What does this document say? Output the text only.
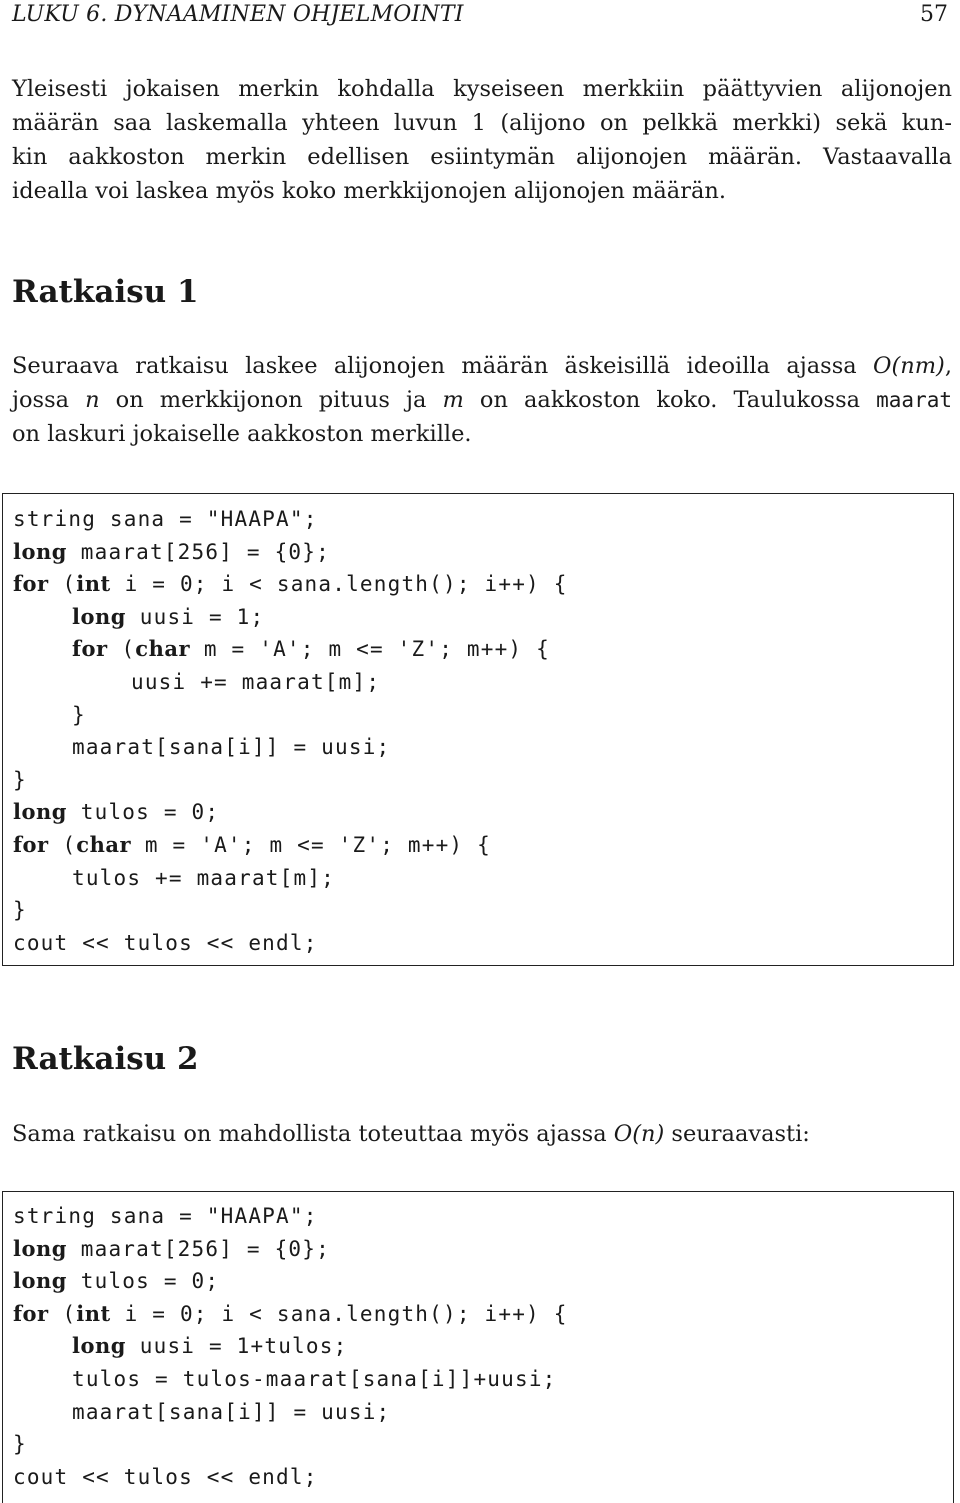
LUKU 6. DYNAAMINEN OHJELMOINTI	57
Yleisesti jokaisen merkin kohdalla kyseiseen merkkiin päättyvien alijonojen
määrän saa laskemalla yhteen luvun 1 (alijono on pelkkä merkki) sekä kun-
kin aakkoston merkin edellisen esiintymän alijonojen määrän. Vastaavalla
idealla voi laskea myös koko merkkijonojen alijonojen määrän.
Ratkaisu 1
Seuraava ratkaisu laskee alijonojen määrän äskeisillä ideoilla ajassa O(nm),
jossa n on merkkijonon pituus ja m on aakkoston koko. Taulukossa maarat
on laskuri jokaiselle aakkoston merkille.
string sana = "HAAPA";
long maarat[256] = {0};
for (int i = 0; i < sana.length(); i++) {
long uusi = 1;
for (char m = 'A'; m <= 'Z'; m++) {
uusi += maarat[m];
}
maarat[sana[i]] = uusi;
}
long tulos = 0;
for (char m = 'A'; m <= 'Z'; m++) {
tulos += maarat[m];
}
cout << tulos << endl;
Ratkaisu 2
Sama ratkaisu on mahdollista toteuttaa myös ajassa O(n) seuraavasti:
string sana = "HAAPA";
long maarat[256] = {0};
long tulos = 0;
for (int i = 0; i < sana.length(); i++) {
long uusi = 1+tulos;
tulos = tulos-maarat[sana[i]]+uusi;
maarat[sana[i]] = uusi;
}
cout << tulos << endl;
